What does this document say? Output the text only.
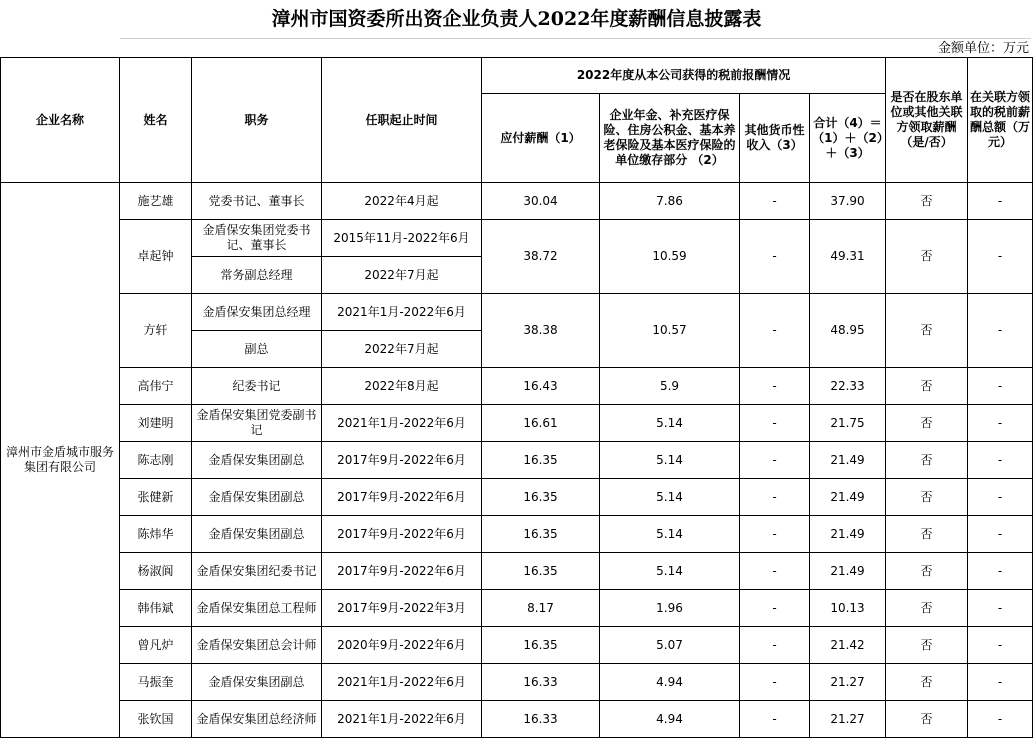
漳州市国资委所出资企业负责人2022年度薪酬信息披露表
金额单位：万元
企业名称	姓名	职务	任职起止时间	2022年度从本公司获得的税前报酬情况				是否在股东单位或其他关联方领取薪酬（是/否）	在关联方领取的税前薪酬总额（万元）
				应付薪酬（1）	企业年金、补充医疗保险、住房公积金、基本养老保险及基本医疗保险的单位缴存部分 （2）	其他货币性收入（3）	合计（4）＝（1）＋（2）＋（3）		
漳州市金盾城市服务集团有限公司	施艺雄	党委书记、董事长	2022年4月起	30.04	7.86	-	37.90	否	-
	卓起钟	金盾保安集团党委书记、董事长	2015年11月-2022年6月	38.72	10.59	-	49.31	否	-
		常务副总经理	2022年7月起						
	方轩	金盾保安集团总经理	2021年1月-2022年6月	38.38	10.57	-	48.95	否	-
		副总	2022年7月起						
	高伟宁	纪委书记	2022年8月起	16.43	5.9	-	22.33	否	-
	刘建明	金盾保安集团党委副书记	2021年1月-2022年6月	16.61	5.14	-	21.75	否	-
	陈志刚	金盾保安集团副总	2017年9月-2022年6月	16.35	5.14	-	21.49	否	-
	张健新	金盾保安集团副总	2017年9月-2022年6月	16.35	5.14	-	21.49	否	-
	陈炜华	金盾保安集团副总	2017年9月-2022年6月	16.35	5.14	-	21.49	否	-
	杨淑阆	金盾保安集团纪委书记	2017年9月-2022年6月	16.35	5.14	-	21.49	否	-
	韩伟斌	金盾保安集团总工程师	2017年9月-2022年3月	8.17	1.96	-	10.13	否	-
	曾凡炉	金盾保安集团总会计师	2020年9月-2022年6月	16.35	5.07	-	21.42	否	-
	马振奎	金盾保安集团副总	2021年1月-2022年6月	16.33	4.94	-	21.27	否	-
	张钦国	金盾保安集团总经济师	2021年1月-2022年6月	16.33	4.94	-	21.27	否	-
